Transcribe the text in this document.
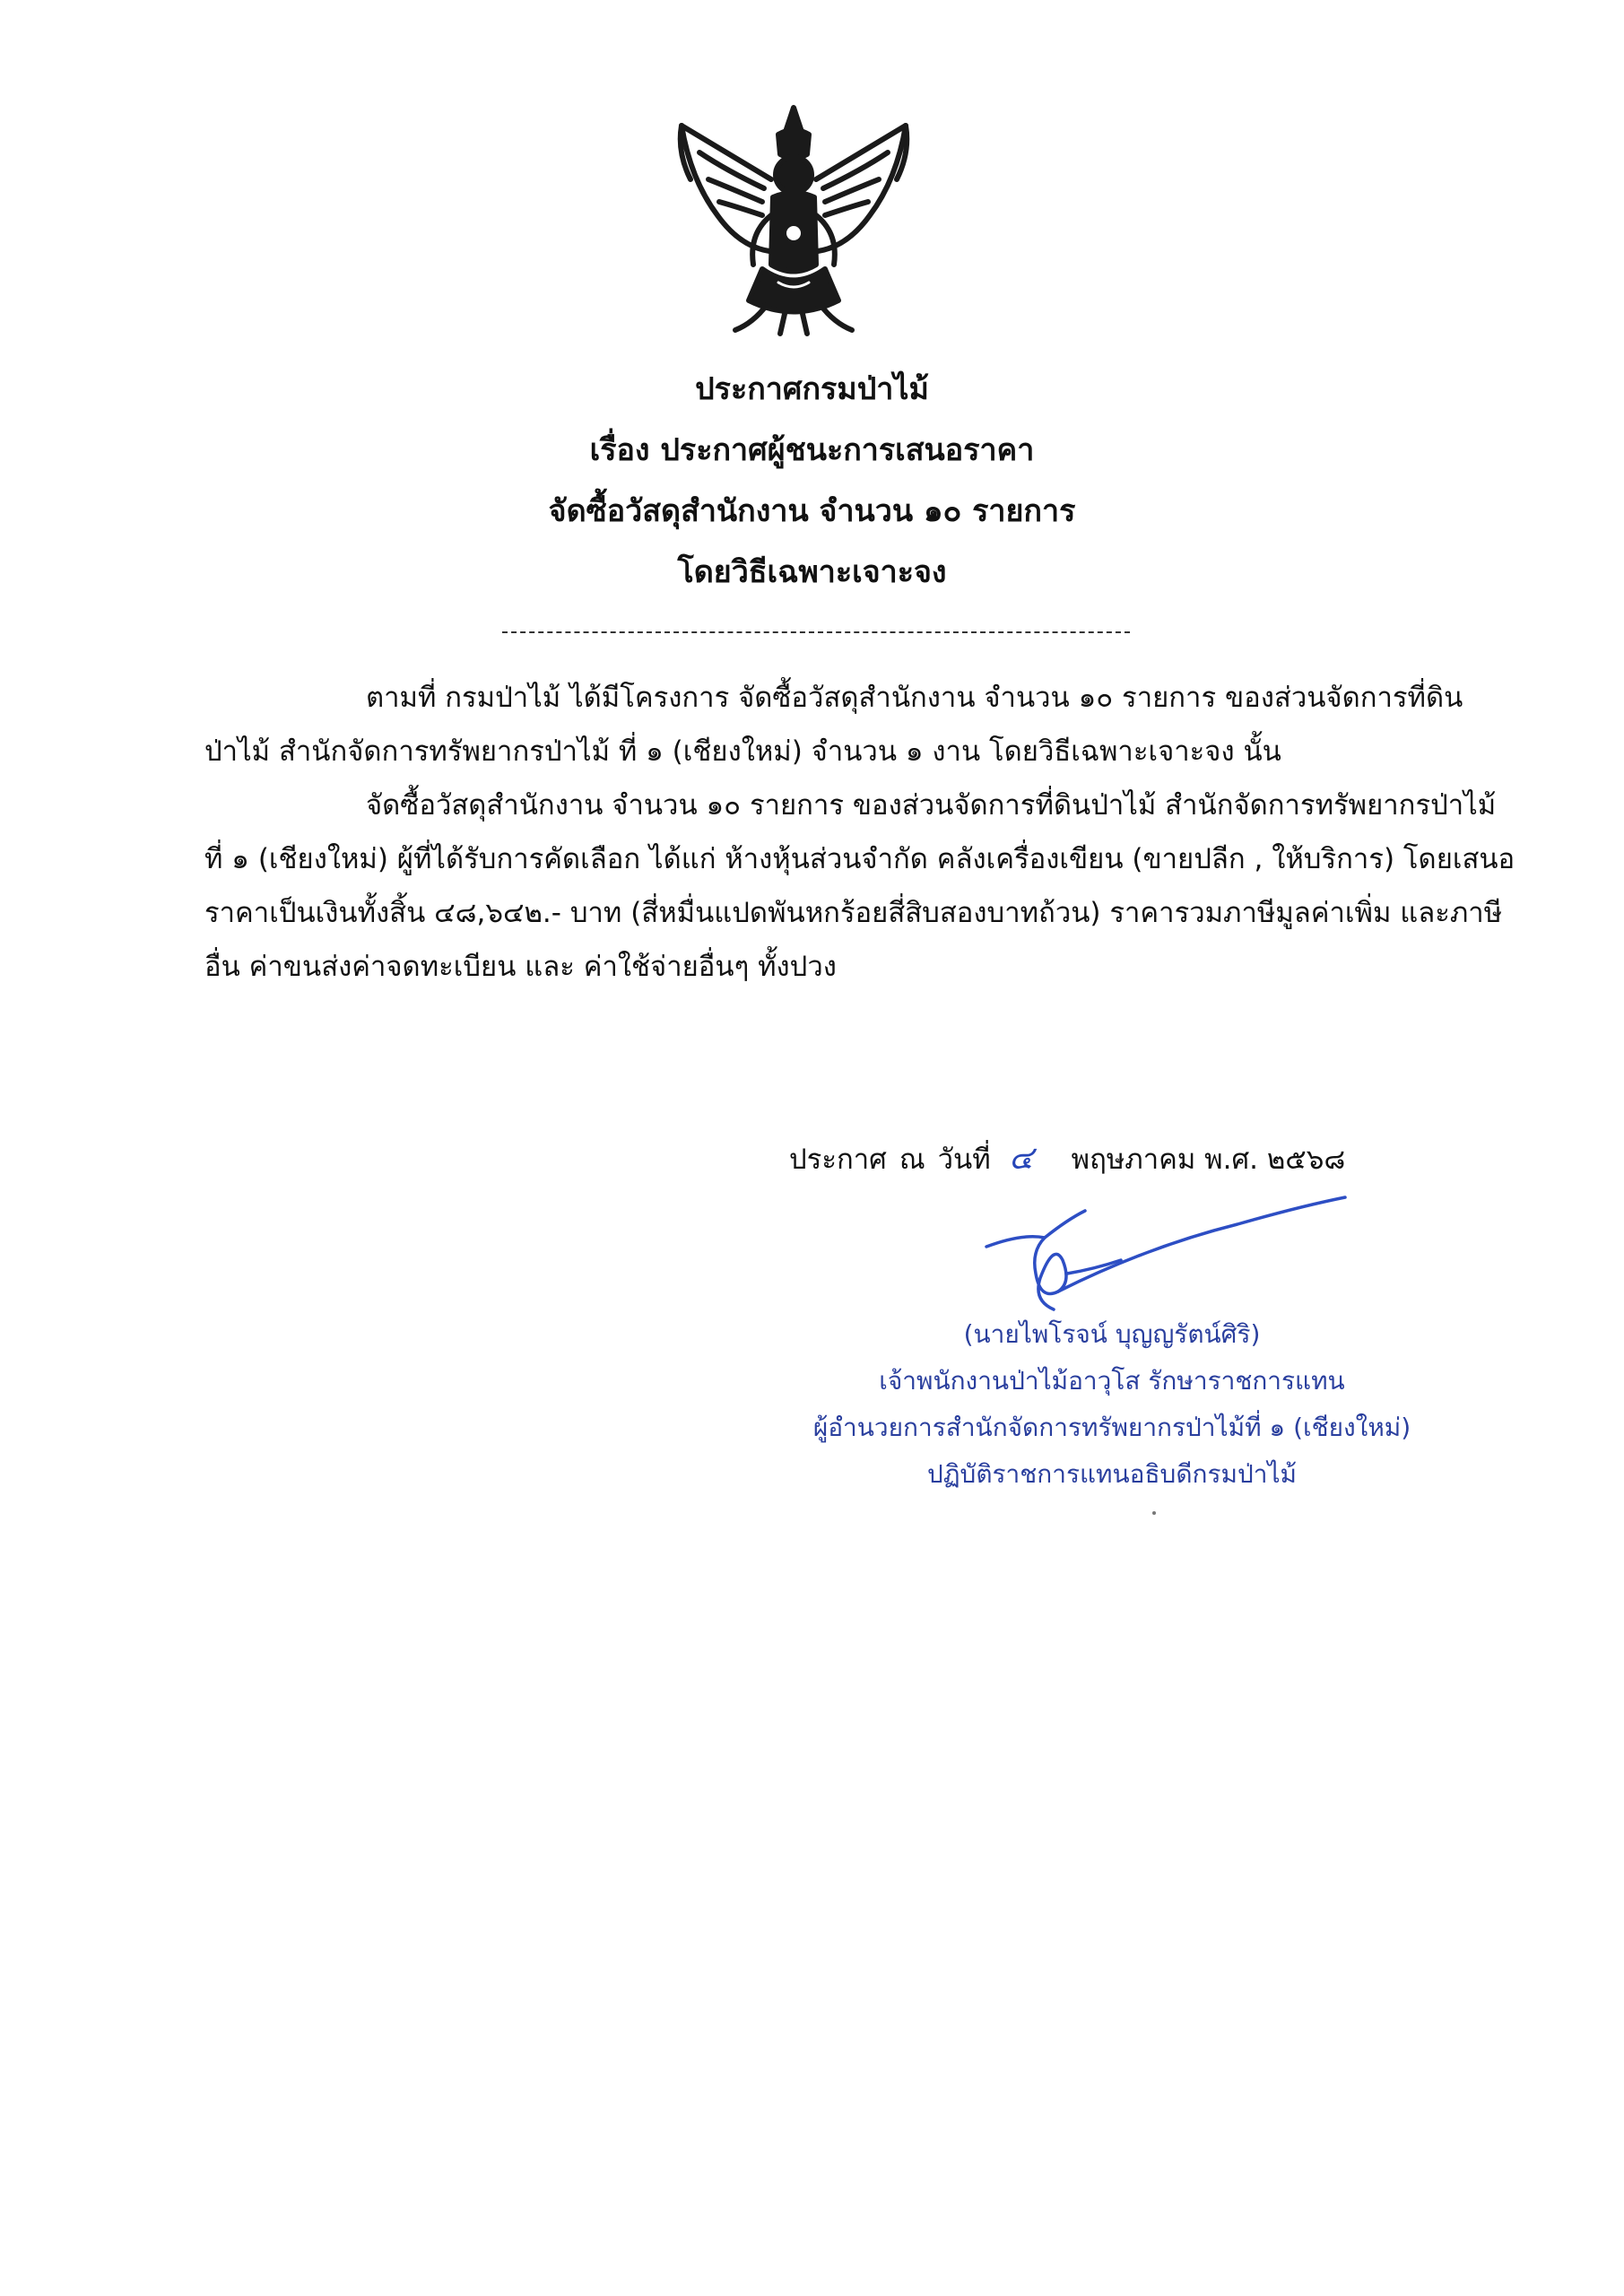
ประกาศกรมป่าไม้
เรื่อง ประกาศผู้ชนะการเสนอราคา
จัดซื้อวัสดุสำนักงาน จำนวน ๑๐ รายการ
โดยวิธีเฉพาะเจาะจง
ตามที่ กรมป่าไม้ ได้มีโครงการ จัดซื้อวัสดุสำนักงาน จำนวน ๑๐ รายการ ของส่วนจัดการที่ดิน
ป่าไม้ สำนักจัดการทรัพยากรป่าไม้ ที่ ๑ (เชียงใหม่) จำนวน ๑ งาน โดยวิธีเฉพาะเจาะจง นั้น
จัดซื้อวัสดุสำนักงาน จำนวน ๑๐ รายการ ของส่วนจัดการที่ดินป่าไม้ สำนักจัดการทรัพยากรป่าไม้
ที่ ๑ (เชียงใหม่) ผู้ที่ได้รับการคัดเลือก ได้แก่ ห้างหุ้นส่วนจำกัด คลังเครื่องเขียน (ขายปลีก , ให้บริการ) โดยเสนอ
ราคาเป็นเงินทั้งสิ้น ๔๘,๖๔๒.- บาท (สี่หมื่นแปดพันหกร้อยสี่สิบสองบาทถ้วน) ราคารวมภาษีมูลค่าเพิ่ม และภาษี
อื่น ค่าขนส่งค่าจดทะเบียน และ ค่าใช้จ่ายอื่นๆ ทั้งปวง
ประกาศ ณ วันที่ ๔ พฤษภาคม พ.ศ. ๒๕๖๘
(นายไพโรจน์ บุญญรัตน์ศิริ)
เจ้าพนักงานป่าไม้อาวุโส รักษาราชการแทน
ผู้อำนวยการสำนักจัดการทรัพยากรป่าไม้ที่ ๑ (เชียงใหม่)
ปฏิบัติราชการแทนอธิบดีกรมป่าไม้
